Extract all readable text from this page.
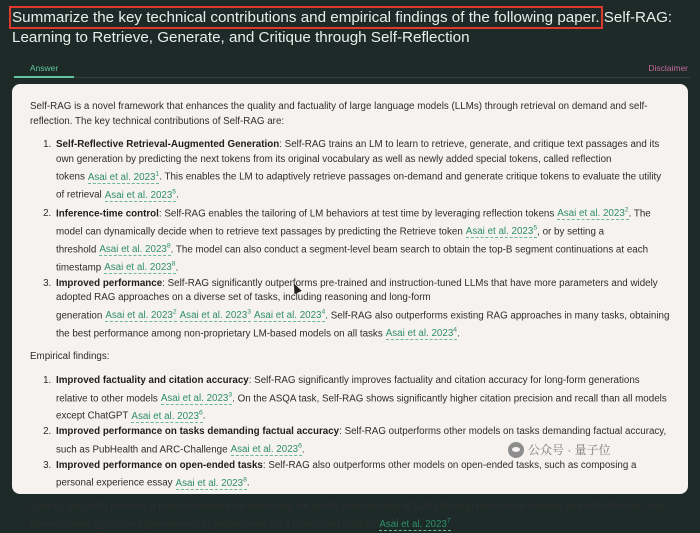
Summarize the key technical contributions and empirical findings of the following paper. Self-RAG: Learning to Retrieve, Generate, and Critique through Self-Reflection
Answer	Disclaimer

Self-RAG is a novel framework that enhances the quality and factuality of large language models (LLMs) through retrieval on demand and self-reflection. The key technical contributions of Self-RAG are:

1. Self-Reflective Retrieval-Augmented Generation: Self-RAG trains an LM to learn to retrieve, generate, and critique text passages and its own generation by predicting the next tokens from its original vocabulary as well as newly added special tokens, called reflection tokens Asai et al. 2023$^1$. This enables the LM to adaptively retrieve passages on-demand and generate critique tokens to evaluate the utility of retrieval Asai et al. 2023$^5$.
2. Inference-time control: Self-RAG enables the tailoring of LM behaviors at test time by leveraging reflection tokens Asai et al. 2023$^2$. The model can dynamically decide when to retrieve text passages by predicting the Retrieve token Asai et al. 2023$^5$, or by setting a threshold Asai et al. 2023$^8$. The model can also conduct a segment-level beam search to obtain the top-B segment continuations at each timestamp Asai et al. 2023$^8$.
3. Improved performance: Self-RAG significantly outperforms pre-trained and instruction-tuned LLMs that have more parameters and widely adopted RAG approaches on a diverse set of tasks, including reasoning and long-form generation Asai et al. 2023$^2$ Asai et al. 2023$^3$ Asai et al. 2023$^4$. Self-RAG also outperforms existing RAG approaches in many tasks, obtaining the best performance among non-proprietary LM-based models on all tasks Asai et al. 2023$^4$.

Empirical findings:

1. Improved factuality and citation accuracy: Self-RAG significantly improves factuality and citation accuracy for long-form generations relative to other models Asai et al. 2023$^3$. On the ASQA task, Self-RAG shows significantly higher citation precision and recall than all models except ChatGPT Asai et al. 2023$^6$.
2. Improved performance on tasks demanding factual accuracy: Self-RAG outperforms other models on tasks demanding factual accuracy, such as PubHealth and ARC-Challenge Asai et al. 2023$^6$.
3. Improved performance on open-ended tasks: Self-RAG also outperforms other models on open-ended tasks, such as composing a personal experience essay Asai et al. 2023$^8$.

Overall, Self-RAG provides a novel framework for enhancing the quality and factuality of LLMs through retrieval on demand and self-reflection, and demonstrates significant improvements in performance on a diverse set of tasks Asai et al. 2023$^7$

公众号 · 量子位
